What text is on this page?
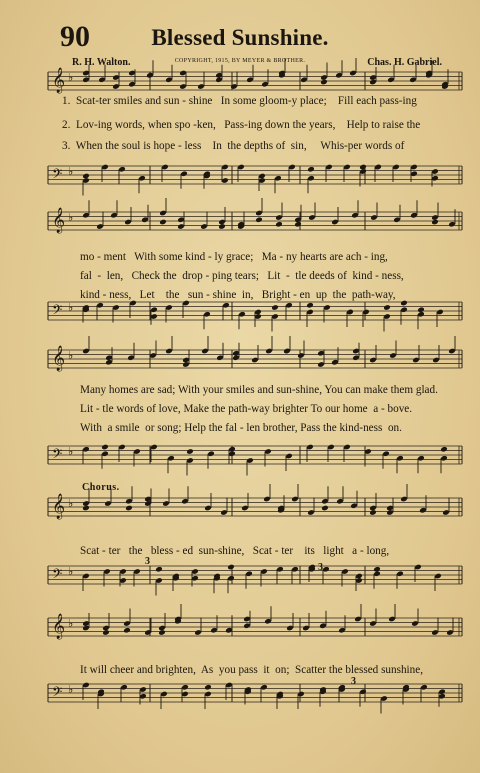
90	Blessed Sunshine.
R. H. Walton.	COPYRIGHT, 1915, BY MEYER & BROTHER.	Chas. H. Gabriel.
𝄞 ♭
𝄢 ♭
𝄞 ♭
𝄢 ♭
𝄞 ♭
𝄢 ♭
𝄞 ♭
𝄢 ♭
𝄞 ♭
𝄢 ♭
1.  Scat-ter smiles and sun - shine   In some gloom-y place;    Fill each pass-ing
2.  Lov-ing words, when spo -ken,   Pass-ing down the years,    Help to raise the
3.  When the soul is hope - less    In  the depths of  sin,     Whis-per words of
mo - ment   With some kind - ly grace;   Ma - ny hearts are ach - ing,
fal  -  len,   Check the  drop - ping tears;   Lit  -  tle deeds of  kind - ness,
kind - ness,   Let    the   sun - shine  in,   Bright - en  up  the  path-way,
Many homes are sad; With your smiles and sun-shine, You can make them glad.
Lit - tle words of love, Make the path-way brighter To our home  a - bove.
With  a smile  or song; Help the fal - len brother, Pass the kind-ness  on.
Chorus.
Scat - ter   the   bless - ed  sun-shine,   Scat - ter    its   light   a - long,
It will cheer and brighten,  As  you pass  it  on;  Scatter the blessed sunshine,
3
3
3
